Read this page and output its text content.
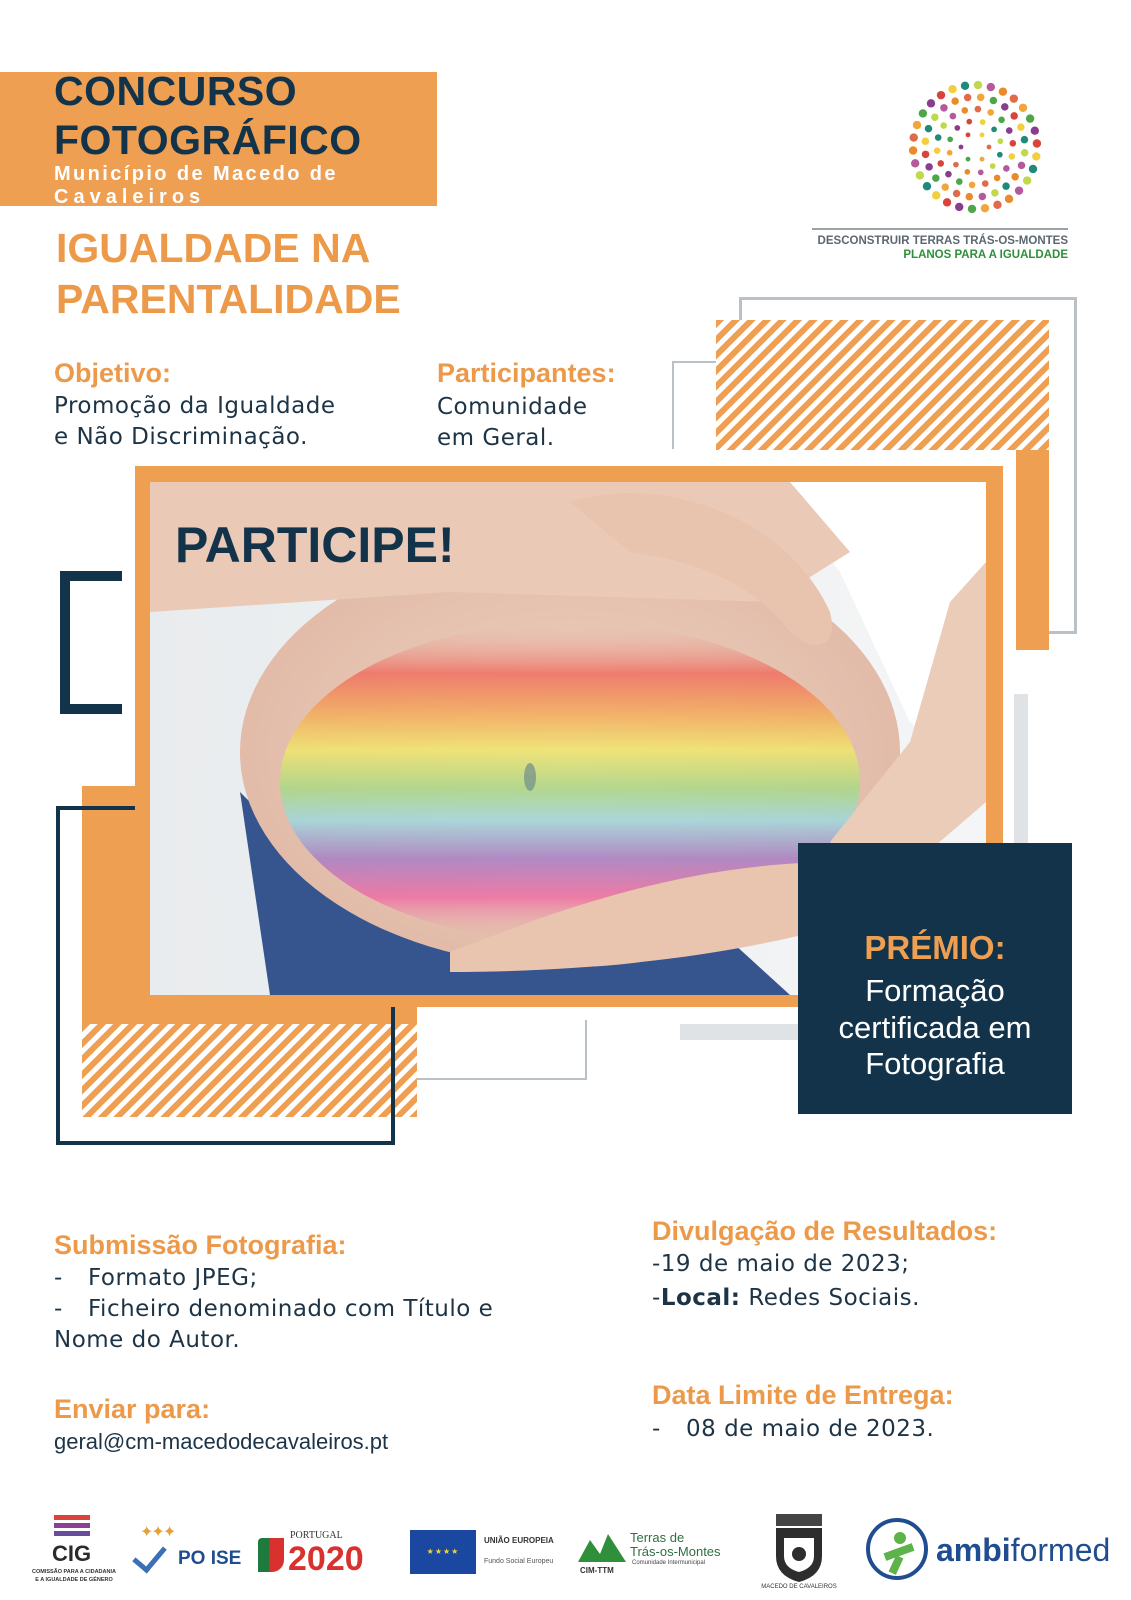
CONCURSO
FOTOGRÁFICO
Município de Macedo de
Cavaleiros
IGUALDADE NA
PARENTALIDADE
DESCONSTRUIR TERRAS TRÁS-OS-MONTES
PLANOS PARA A IGUALDADE
Objetivo:
Promoção da Igualdade
e Não Discriminação.
Participantes:
Comunidade
em Geral.
PARTICIPE!
PRÉMIO:
Formação
certificada em
Fotografia
Submissão Fotografia:
- Formato JPEG;
- Ficheiro denominado com Título e
Nome do Autor.
Enviar para:
geral@cm-macedodecavaleiros.pt
Divulgação de Resultados:
-19 de maio de 2023;
-Local: Redes Sociais.
Data Limite de Entrega:
- 08 de maio de 2023.
CIG
COMISSÃO PARA A CIDADANIA
E A IGUALDADE DE GÉNERO
✦✦✦
PO ISE
PORTUGAL
2020	★★★★
UNIÃO EUROPEIA
Fundo Social Europeu
CIM-TTM
Terras de
Trás-os-Montes
Comunidade Intermunicipal
MACEDO DE CAVALEIROS
ambiformed
